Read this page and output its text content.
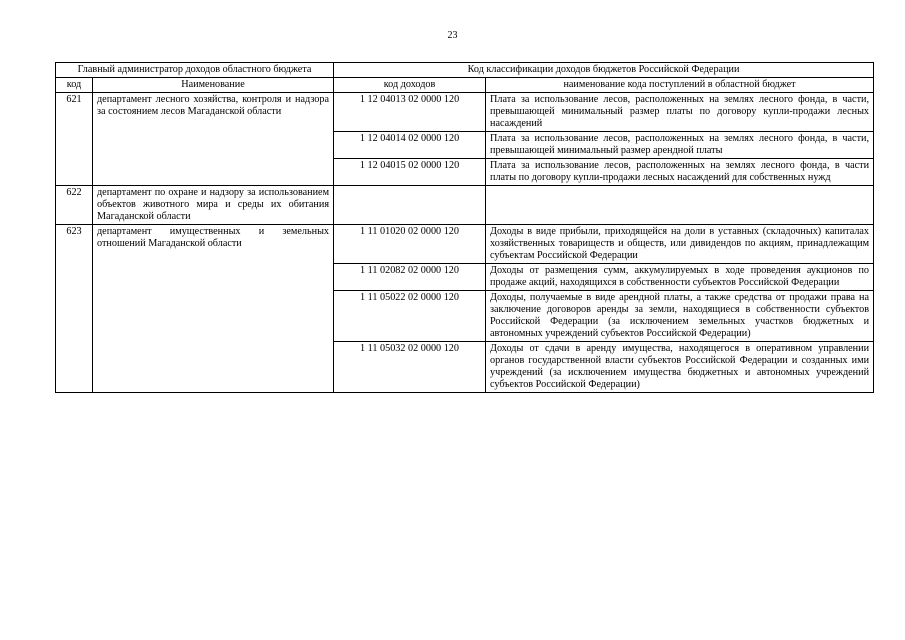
23
Главный администратор доходов областного бюджета		Код классификации доходов бюджетов Российской Федерации	
код	Наименование	код доходов	наименование кода поступлений в областной бюджет
621	департамент лесного хозяйства, контроля и надзора за состоянием лесов Магаданской области	1 12 04013 02 0000 120	Плата за использование лесов, расположенных на землях лесного фонда, в части, превышающей минимальный размер платы по договору купли-продажи лесных насаждений
		1 12 04014 02 0000 120	Плата за использование лесов, расположенных на землях лесного фонда, в части, превышающей минимальный размер арендной платы
		1 12 04015 02 0000 120	Плата за использование лесов, расположенных на землях лесного фонда, в части платы по договору купли-продажи лесных насаждений для собственных нужд
622	департамент по охране и надзору за использованием объектов животного мира и среды их обитания Магаданской области		
623	департамент имущественных и земельных отношений Магаданской области	1 11 01020 02 0000 120	Доходы в виде прибыли, приходящейся на доли в уставных (складочных) капиталах хозяйственных товариществ и обществ, или дивидендов по акциям, принадлежащим субъектам Российской Федерации
		1 11 02082 02 0000 120	Доходы от размещения сумм, аккумулируемых в ходе проведения аукционов по продаже акций, находящихся в собственности субъектов Российской Федерации
		1 11 05022 02 0000 120	Доходы, получаемые в виде арендной платы, а также средства от продажи права на заключение договоров аренды за земли, находящиеся в собственности субъектов Российской Федерации (за исключением земельных участков бюджетных и автономных учреждений субъектов Российской Федерации)
		1 11 05032 02 0000 120	Доходы от сдачи в аренду имущества, находящегося в оперативном управлении органов государственной власти субъектов Российской Федерации и созданных ими учреждений (за исключением имущества бюджетных и автономных учреждений субъектов Российской Федерации)
